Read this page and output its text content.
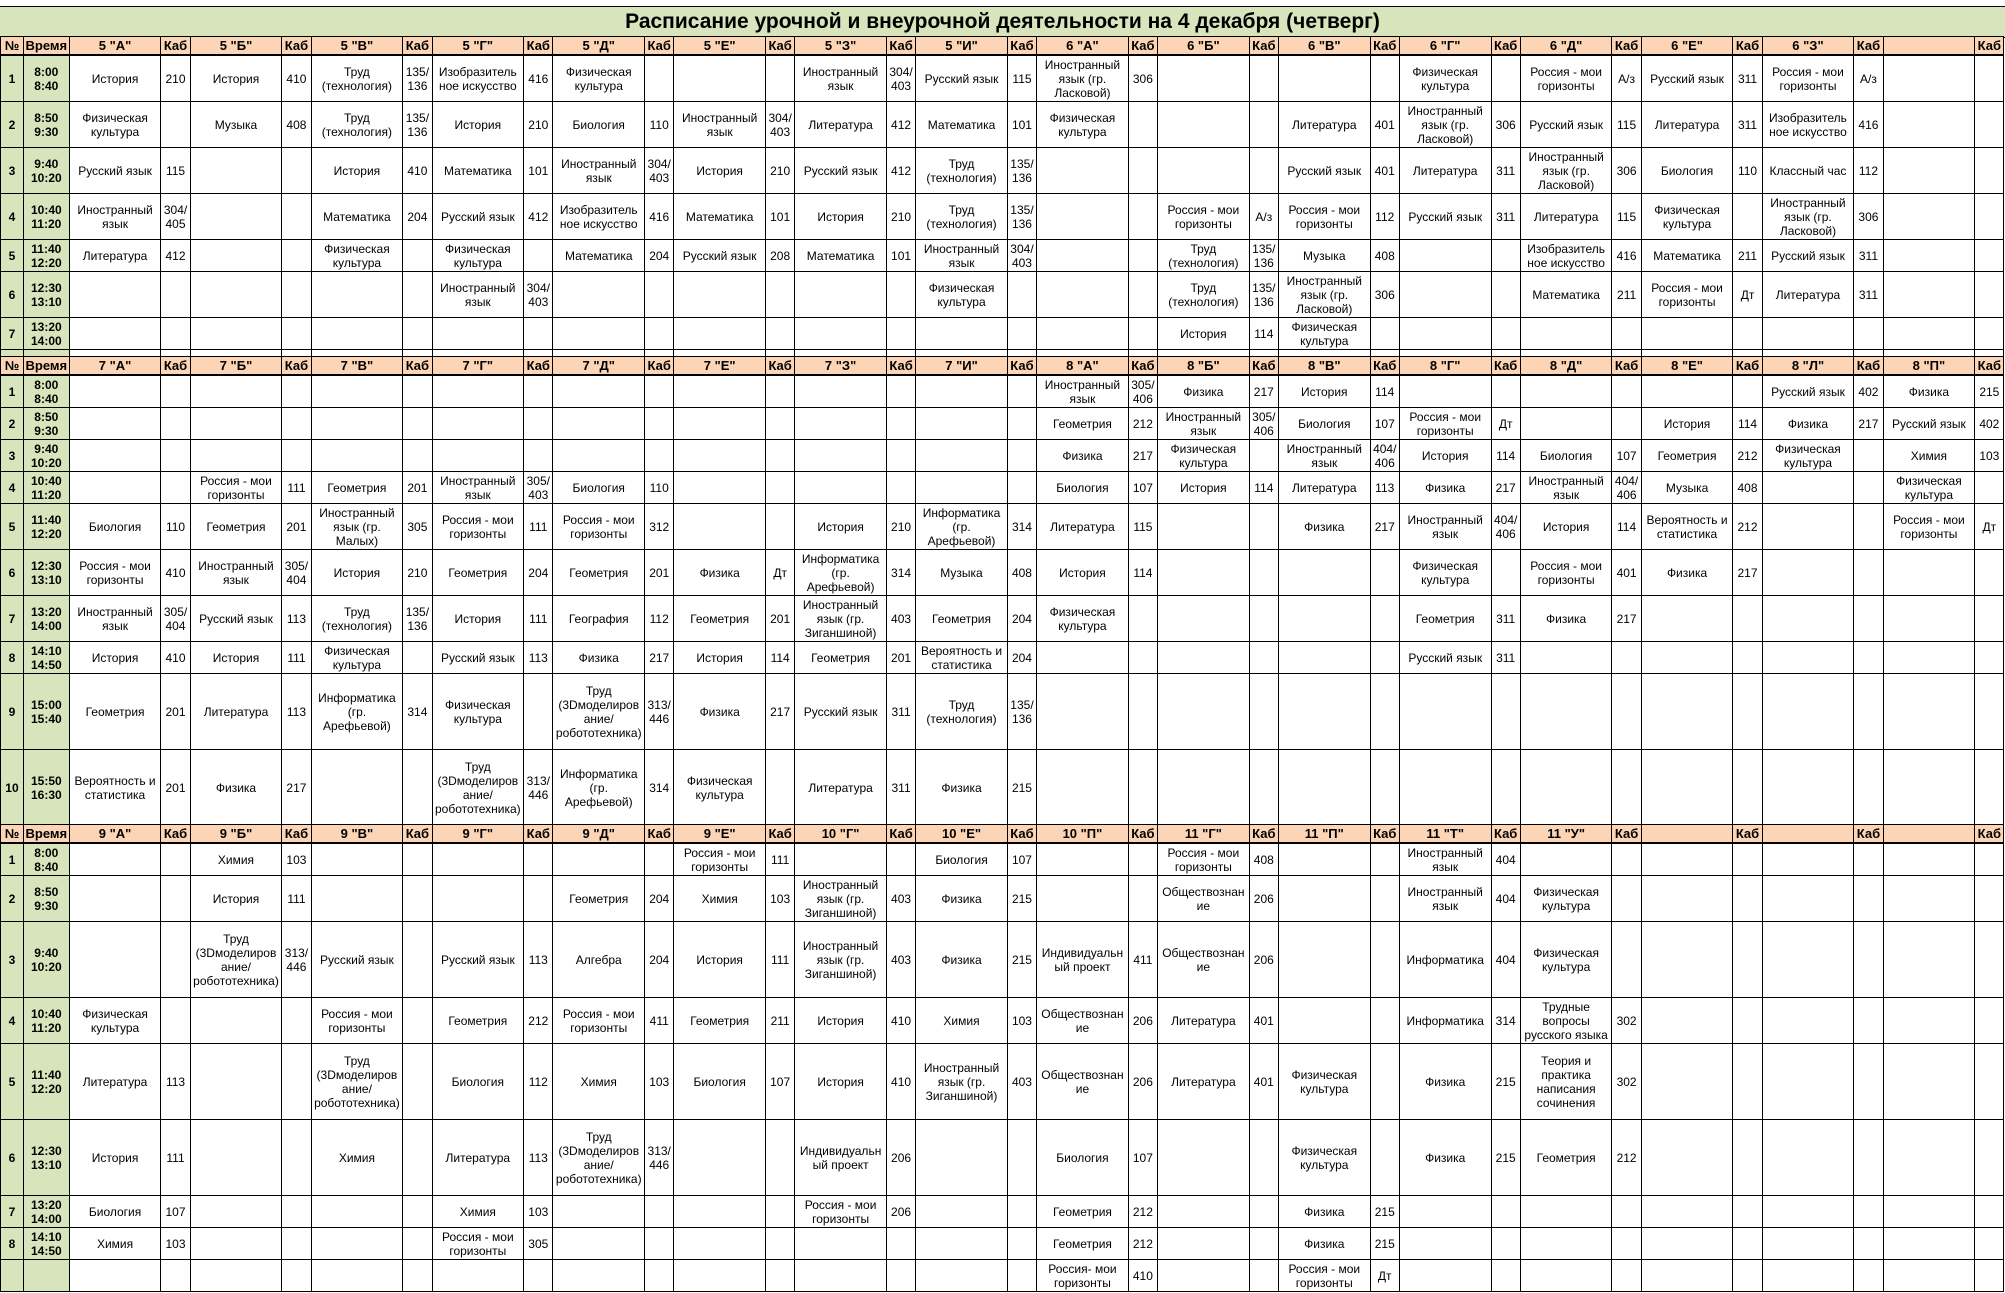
Расписание урочной и внеурочной деятельности на 4 декабря (четверг)
№	Время	5 "А"	Каб	5 "Б"	Каб	5 "В"	Каб	5 "Г"	Каб	5 "Д"	Каб	5 "Е"	Каб	5 "З"	Каб	5 "И"	Каб	6 "А"	Каб	6 "Б"	Каб	6 "В"	Каб	6 "Г"	Каб	6 "Д"	Каб	6 "Е"	Каб	6 "З"	Каб		Каб
1	8:00 8:40	История	210	История	410	Труд (технология)	135/ 136	Изобразитель ное искусство	416	Физическая культура				Иностранный язык	304/ 403	Русский язык	115	Иностранный язык (гр. Ласковой)	306					Физическая культура		Россия - мои горизонты	А/з	Русский язык	311	Россия - мои горизонты	А/з		
2	8:50 9:30	Физическая культура		Музыка	408	Труд (технология)	135/ 136	История	210	Биология	110	Иностранный язык	304/ 403	Литература	412	Математика	101	Физическая культура				Литература	401	Иностранный язык (гр. Ласковой)	306	Русский язык	115	Литература	311	Изобразитель ное искусство	416		
3	9:40 10:20	Русский язык	115			История	410	Математика	101	Иностранный язык	304/ 403	История	210	Русский язык	412	Труд (технология)	135/ 136					Русский язык	401	Литература	311	Иностранный язык (гр. Ласковой)	306	Биология	110	Классный час	112		
4	10:40 11:20	Иностранный язык	304/ 405			Математика	204	Русский язык	412	Изобразитель ное искусство	416	Математика	101	История	210	Труд (технология)	135/ 136			Россия - мои горизонты	А/з	Россия - мои горизонты	112	Русский язык	311	Литература	115	Физическая культура		Иностранный язык (гр. Ласковой)	306		
5	11:40 12:20	Литература	412			Физическая культура		Физическая культура		Математика	204	Русский язык	208	Математика	101	Иностранный язык	304/ 403			Труд (технология)	135/ 136	Музыка	408			Изобразитель ное искусство	416	Математика	211	Русский язык	311		
6	12:30 13:10							Иностранный язык	304/ 403							Физическая культура				Труд (технология)	135/ 136	Иностранный язык (гр. Ласковой)	306			Математика	211	Россия - мои горизонты	Дт	Литература	311		
7	13:20 14:00																			История	114	Физическая культура											

№	Время	7 "А"	Каб	7 "Б"	Каб	7 "В"	Каб	7 "Г"	Каб	7 "Д"	Каб	7 "Е"	Каб	7 "З"	Каб	7 "И"	Каб	8 "А"	Каб	8 "Б"	Каб	8 "В"	Каб	8 "Г"	Каб	8 "Д"	Каб	8 "Е"	Каб	8 "Л"	Каб	8 "П"	Каб
1	8:00 8:40																	Иностранный язык	305/ 406	Физика	217	История	114							Русский язык	402	Физика	215
2	8:50 9:30																	Геометрия	212	Иностранный язык	305/ 406	Биология	107	Россия - мои горизонты	Дт			История	114	Физика	217	Русский язык	402
3	9:40 10:20																	Физика	217	Физическая культура		Иностранный язык	404/ 406	История	114	Биология	107	Геометрия	212	Физическая культура		Химия	103
4	10:40 11:20			Россия - мои горизонты	111	Геометрия	201	Иностранный язык	305/ 403	Биология	110							Биология	107	История	114	Литература	113	Физика	217	Иностранный язык	404/ 406	Музыка	408			Физическая культура	
5	11:40 12:20	Биология	110	Геометрия	201	Иностранный язык (гр. Малых)	305	Россия - мои горизонты	111	Россия - мои горизонты	312			История	210	Информатика (гр. Арефьевой)	314	Литература	115			Физика	217	Иностранный язык	404/ 406	История	114	Вероятность и статистика	212			Россия - мои горизонты	Дт
6	12:30 13:10	Россия - мои горизонты	410	Иностранный язык	305/ 404	История	210	Геометрия	204	Геометрия	201	Физика	Дт	Информатика (гр. Арефьевой)	314	Музыка	408	История	114					Физическая культура		Россия - мои горизонты	401	Физика	217				
7	13:20 14:00	Иностранный язык	305/ 404	Русский язык	113	Труд (технология)	135/ 136	История	111	География	112	Геометрия	201	Иностранный язык (гр. Зиганшиной)	403	Геометрия	204	Физическая культура						Геометрия	311	Физика	217						
8	14:10 14:50	История	410	История	111	Физическая культура		Русский язык	113	Физика	217	История	114	Геометрия	201	Вероятность и статистика	204							Русский язык	311								
9	15:00 15:40	Геометрия	201	Литература	113	Информатика (гр. Арефьевой)	314	Физическая культура		Труд (3Dмоделиров ание/ робототехника)	313/ 446	Физика	217	Русский язык	311	Труд (технология)	135/ 136																
10	15:50 16:30	Вероятность и статистика	201	Физика	217			Труд (3Dмоделиров ание/ робототехника)	313/ 446	Информатика (гр. Арефьевой)	314	Физическая культура		Литература	311	Физика	215																

№	Время	9 "А"	Каб	9 "Б"	Каб	9 "В"	Каб	9 "Г"	Каб	9 "Д"	Каб	9 "Е"	Каб	10 "Г"	Каб	10 "Е"	Каб	10 "П"	Каб	11 "Г"	Каб	11 "П"	Каб	11 "Т"	Каб	11 "У"	Каб		Каб		Каб		Каб
1	8:00 8:40			Химия	103							Россия - мои горизонты	111			Биология	107			Россия - мои горизонты	408			Иностранный язык	404								
2	8:50 9:30			История	111					Геометрия	204	Химия	103	Иностранный язык (гр. Зиганшиной)	403	Физика	215			Обществознан ие	206			Иностранный язык	404	Физическая культура							
3	9:40 10:20			Труд (3Dмоделиров ание/ робототехника)	313/ 446	Русский язык		Русский язык	113	Алгебра	204	История	111	Иностранный язык (гр. Зиганшиной)	403	Физика	215	Индивидуальн ый проект	411	Обществознан ие	206			Информатика	404	Физическая культура							
4	10:40 11:20	Физическая культура				Россия - мои горизонты		Геометрия	212	Россия - мои горизонты	411	Геометрия	211	История	410	Химия	103	Обществознан ие	206	Литература	401			Информатика	314	Трудные вопросы русского языка	302						
5	11:40 12:20	Литература	113			Труд (3Dмоделиров ание/ робототехника)		Биология	112	Химия	103	Биология	107	История	410	Иностранный язык (гр. Зиганшиной)	403	Обществознан ие	206	Литература	401	Физическая культура		Физика	215	Теория и практика написания сочинения	302						
6	12:30 13:10	История	111			Химия		Литература	113	Труд (3Dмоделиров ание/ робототехника)	313/ 446			Индивидуальн ый проект	206			Биология	107			Физическая культура		Физика	215	Геометрия	212						
7	13:20 14:00	Биология	107					Химия	103					Россия - мои горизонты	206			Геометрия	212			Физика	215										
8	14:10 14:50	Химия	103					Россия - мои горизонты	305									Геометрия	212			Физика	215										
																		Россия- мои горизонты	410			Россия - мои горизонты	Дт										
